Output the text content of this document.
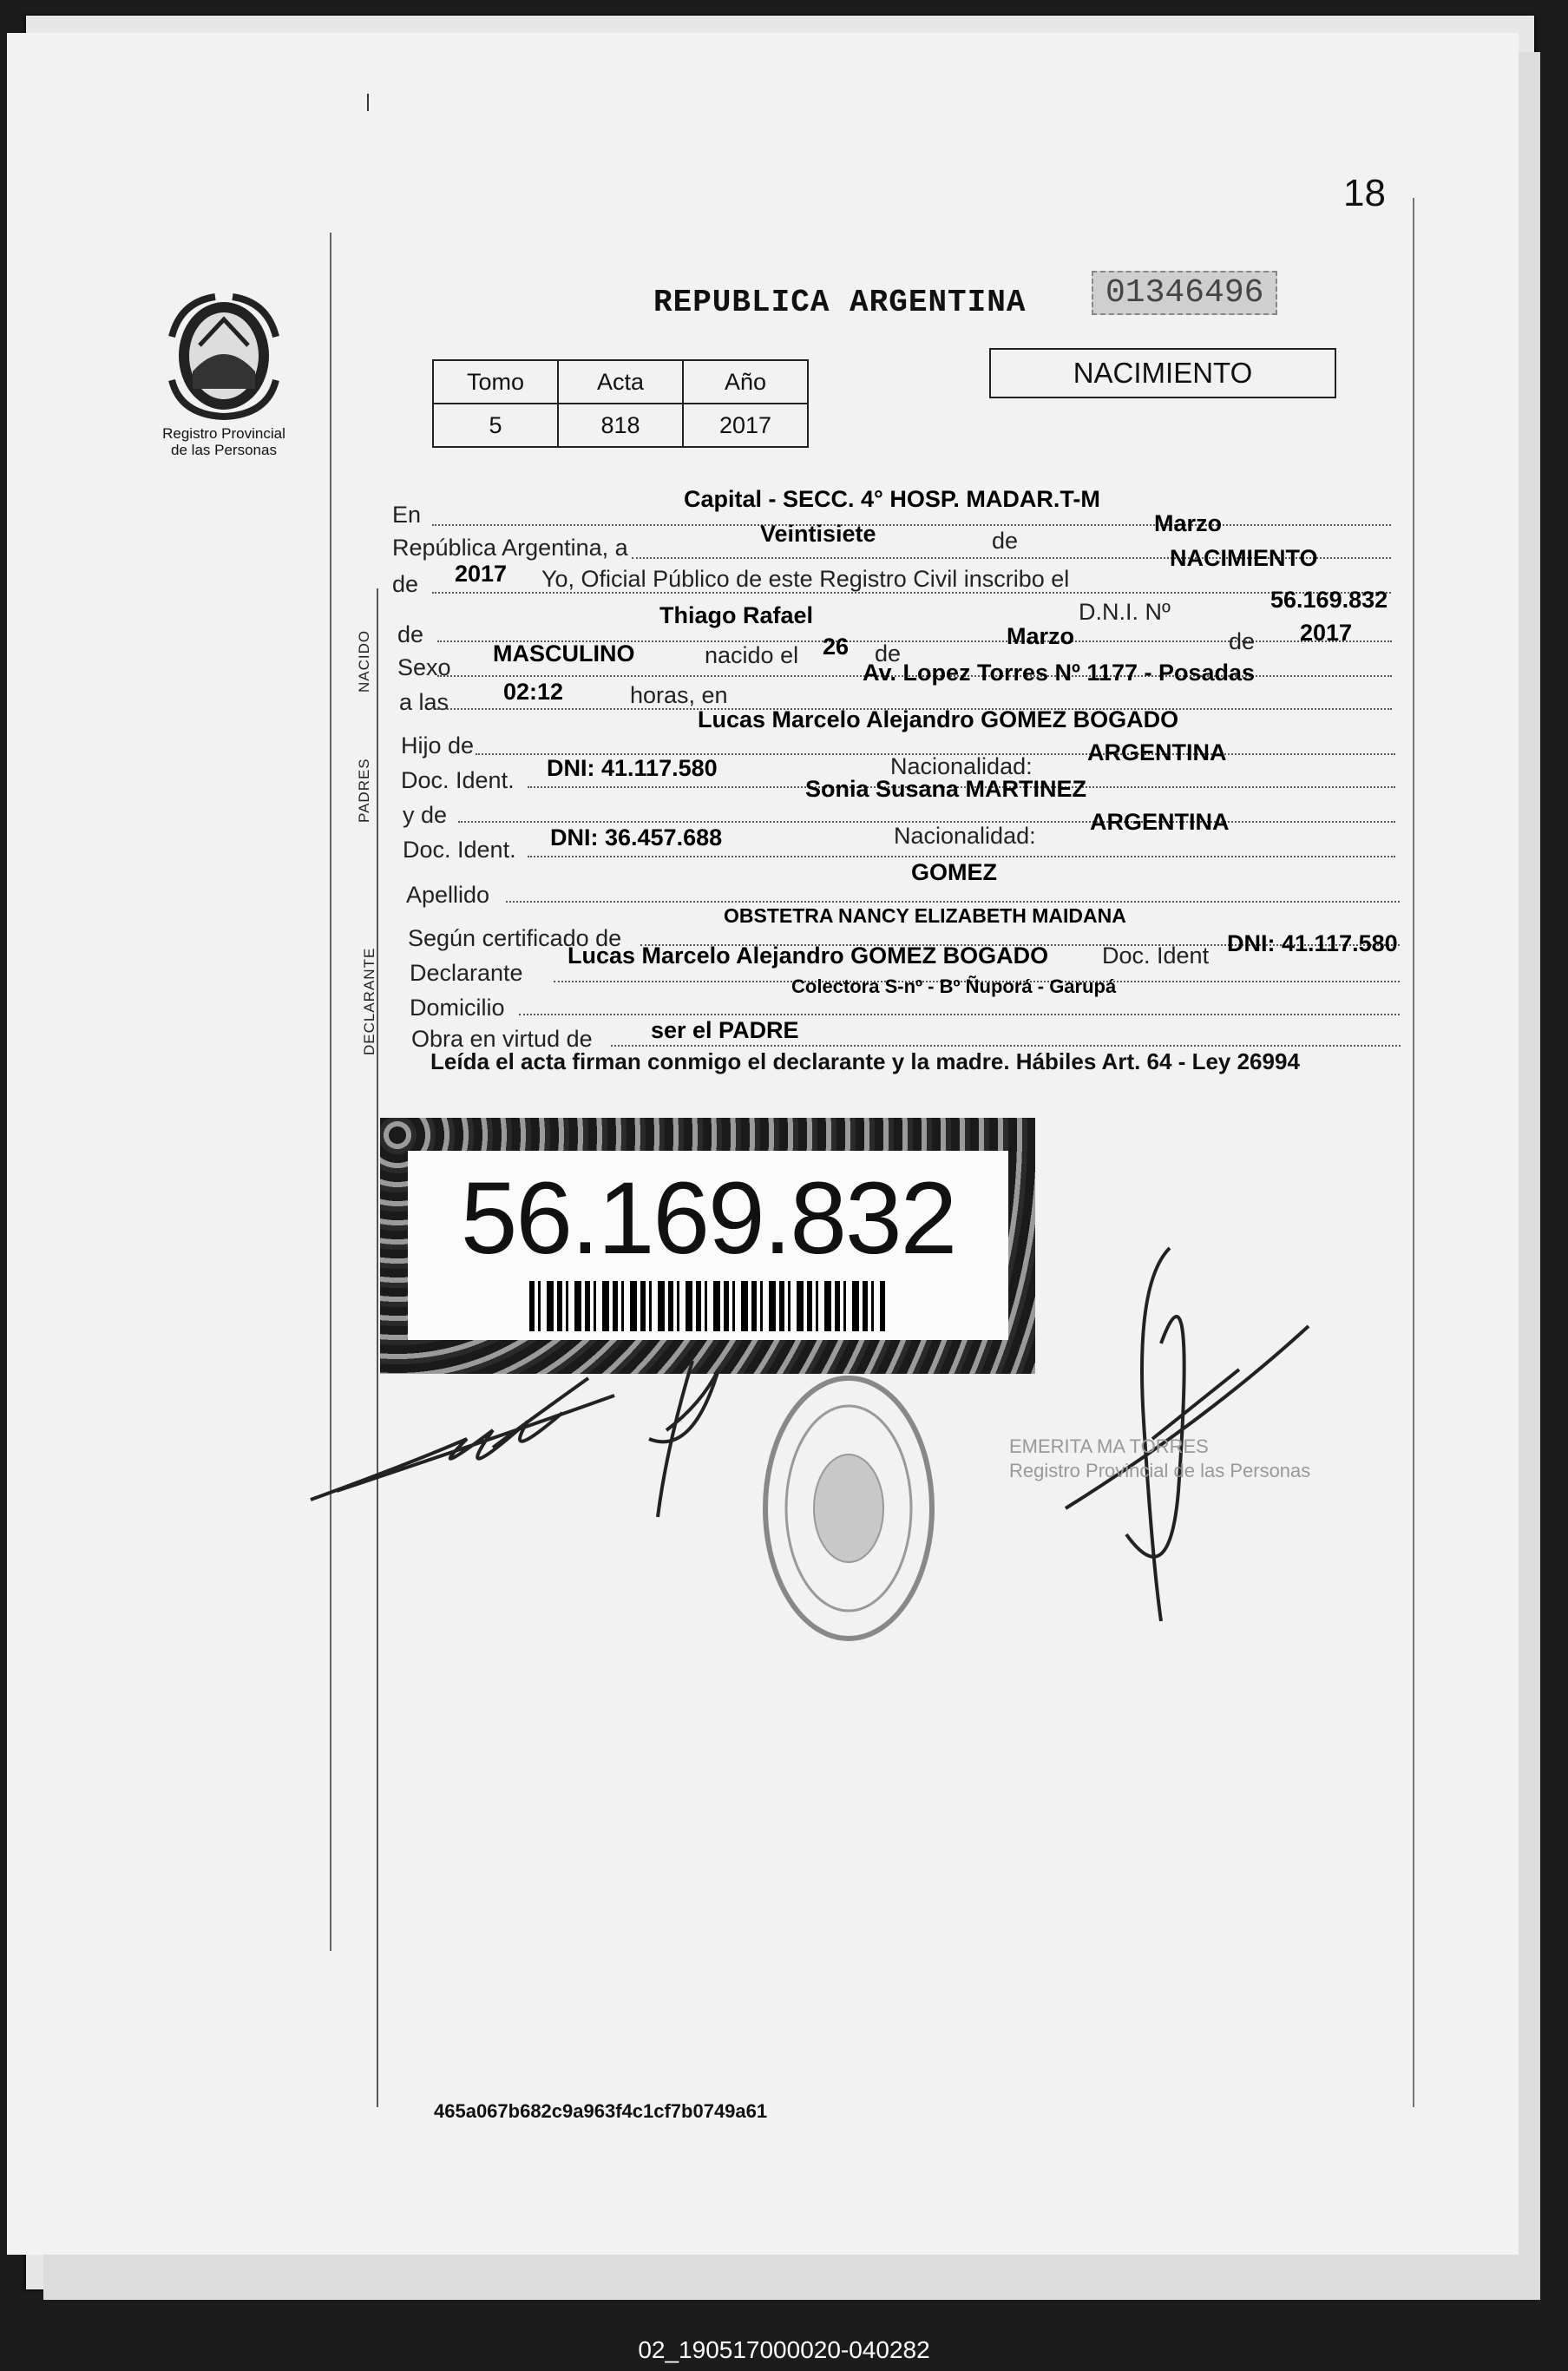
18
Registro Provincial
de las Personas
REPUBLICA ARGENTINA	01346496
Tomo	Acta	Año
5	818	2017
NACIMIENTO
En
Capital - SECC. 4° HOSP. MADAR.T-M
República Argentina, a
Veintisiete	de
Marzo
de 2017 Yo, Oficial Público de este Registro Civil inscribo el
NACIMIENTO
NACIDO de
Thiago Rafael	D.N.I. Nº	56.169.832
Sexo
MASCULINO	nacido el 26 de
Marzo	de 2017
a las 02:12	horas, en
Av. Lopez Torres Nº 1177 - Posadas
PADRES
Hijo de
Lucas Marcelo Alejandro GOMEZ BOGADO
Doc. Ident. DNI: 41.117.580	Nacionalidad:
ARGENTINA
y de
Sonia Susana MARTINEZ
Doc. Ident. DNI: 36.457.688	Nacionalidad:
ARGENTINA
Apellido
GOMEZ
DECLARANTE
Según certificado de
OBSTETRA NANCY ELIZABETH MAIDANA
Declarante
Lucas Marcelo Alejandro GOMEZ BOGADO Doc. Ident DNI: 41.117.580
Domicilio
Colectora S-nº - Bº Ñuporá - Garupá
Obra en virtud de ser el PADRE
Leída el acta firman conmigo el declarante y la madre. Hábiles Art. 64 - Ley 26994
56.169.832
EMERITA MA TORRES
Registro Provincial de las Personas
465a067b682c9a963f4c1cf7b0749a61
02_190517000020-040282
